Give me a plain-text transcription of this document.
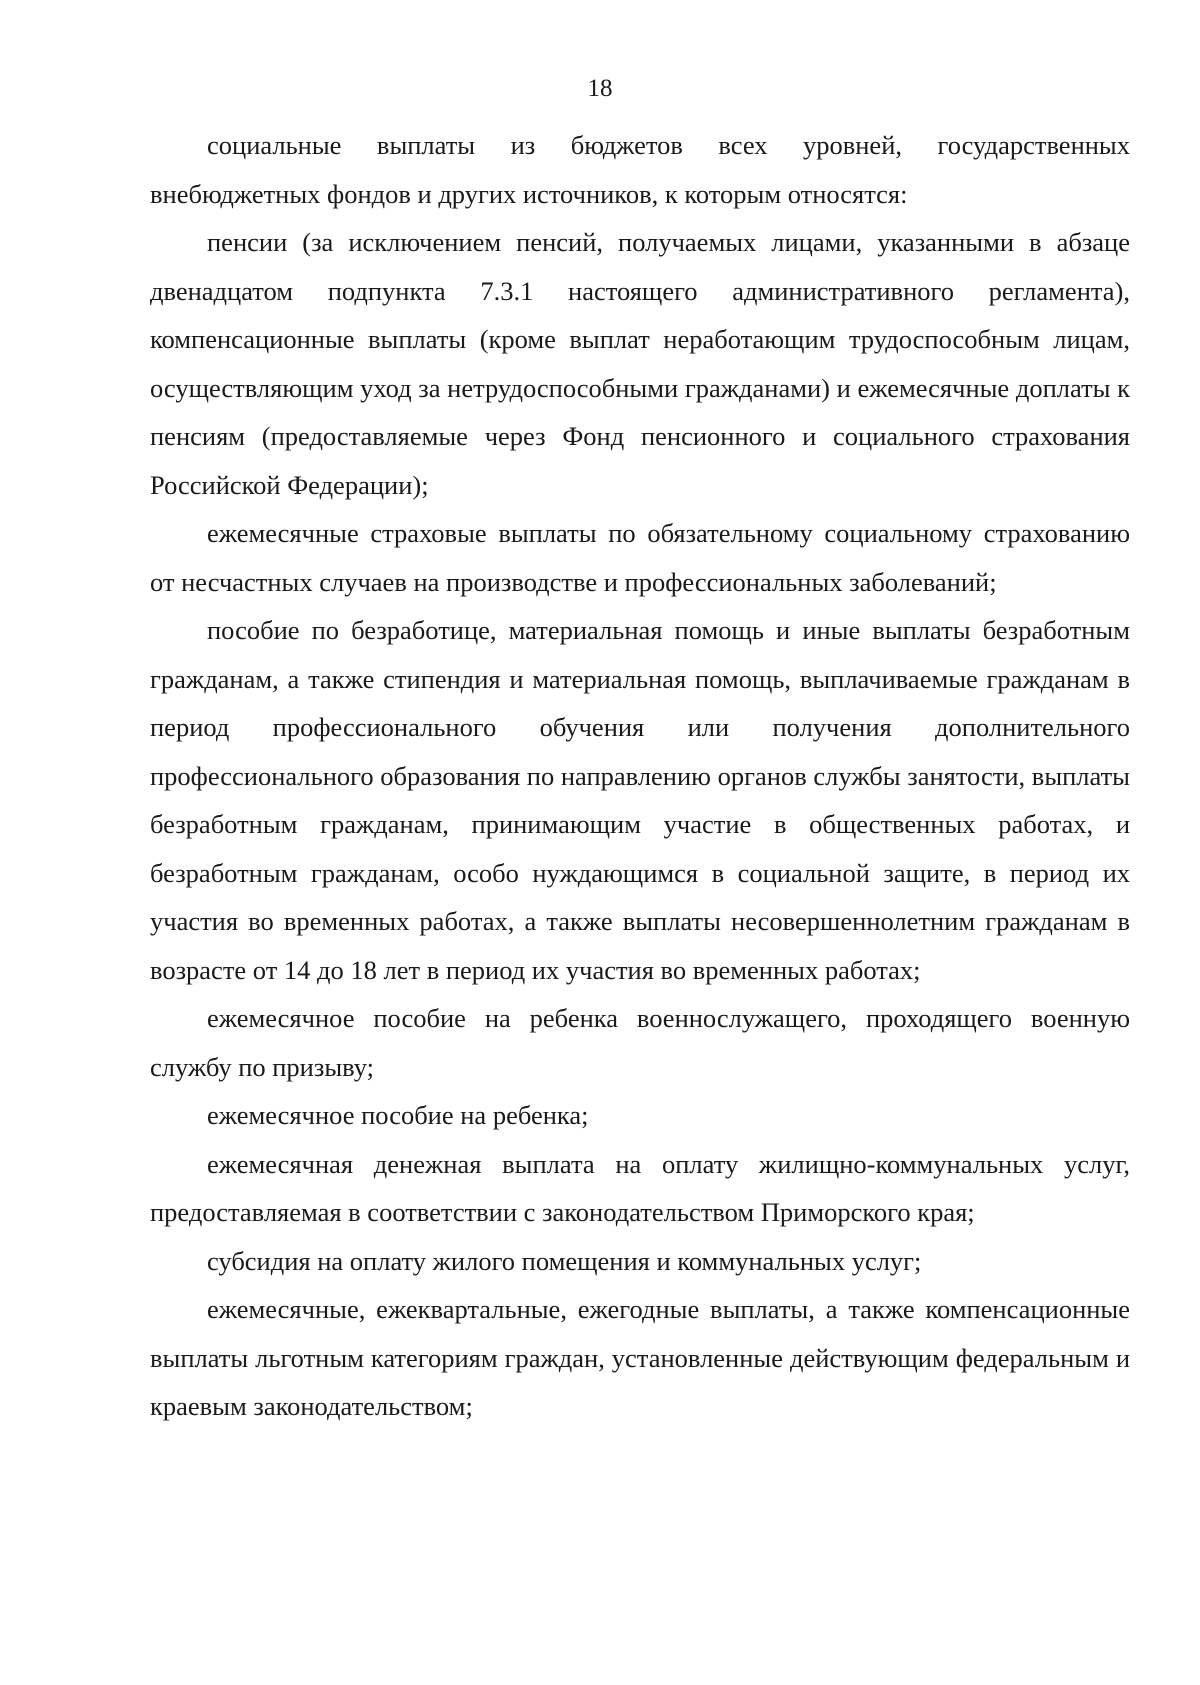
18

социальные выплаты из бюджетов всех уровней, государственных внебюджетных фондов и других источников, к которым относятся:

пенсии (за исключением пенсий, получаемых лицами, указанными в абзаце двенадцатом подпункта 7.3.1 настоящего административного регламента), компенсационные выплаты (кроме выплат неработающим трудоспособным лицам, осуществляющим уход за нетрудоспособными гражданами) и ежемесячные доплаты к пенсиям (предоставляемые через Фонд пенсионного и социального страхования Российской Федерации);

ежемесячные страховые выплаты по обязательному социальному страхованию от несчастных случаев на производстве и профессиональных заболеваний;

пособие по безработице, материальная помощь и иные выплаты безработным гражданам, а также стипендия и материальная помощь, выплачиваемые гражданам в период профессионального обучения или получения дополнительного профессионального образования по направлению органов службы занятости, выплаты безработным гражданам, принимающим участие в общественных работах, и безработным гражданам, особо нуждающимся в социальной защите, в период их участия во временных работах, а также выплаты несовершеннолетним гражданам в возрасте от 14 до 18 лет в период их участия во временных работах;

ежемесячное пособие на ребенка военнослужащего, проходящего военную службу по призыву;

ежемесячное пособие на ребенка;

ежемесячная денежная выплата на оплату жилищно-коммунальных услуг, предоставляемая в соответствии с законодательством Приморского края;

субсидия на оплату жилого помещения и коммунальных услуг;

ежемесячные, ежеквартальные, ежегодные выплаты, а также компенсационные выплаты льготным категориям граждан, установленные действующим федеральным и краевым законодательством;
